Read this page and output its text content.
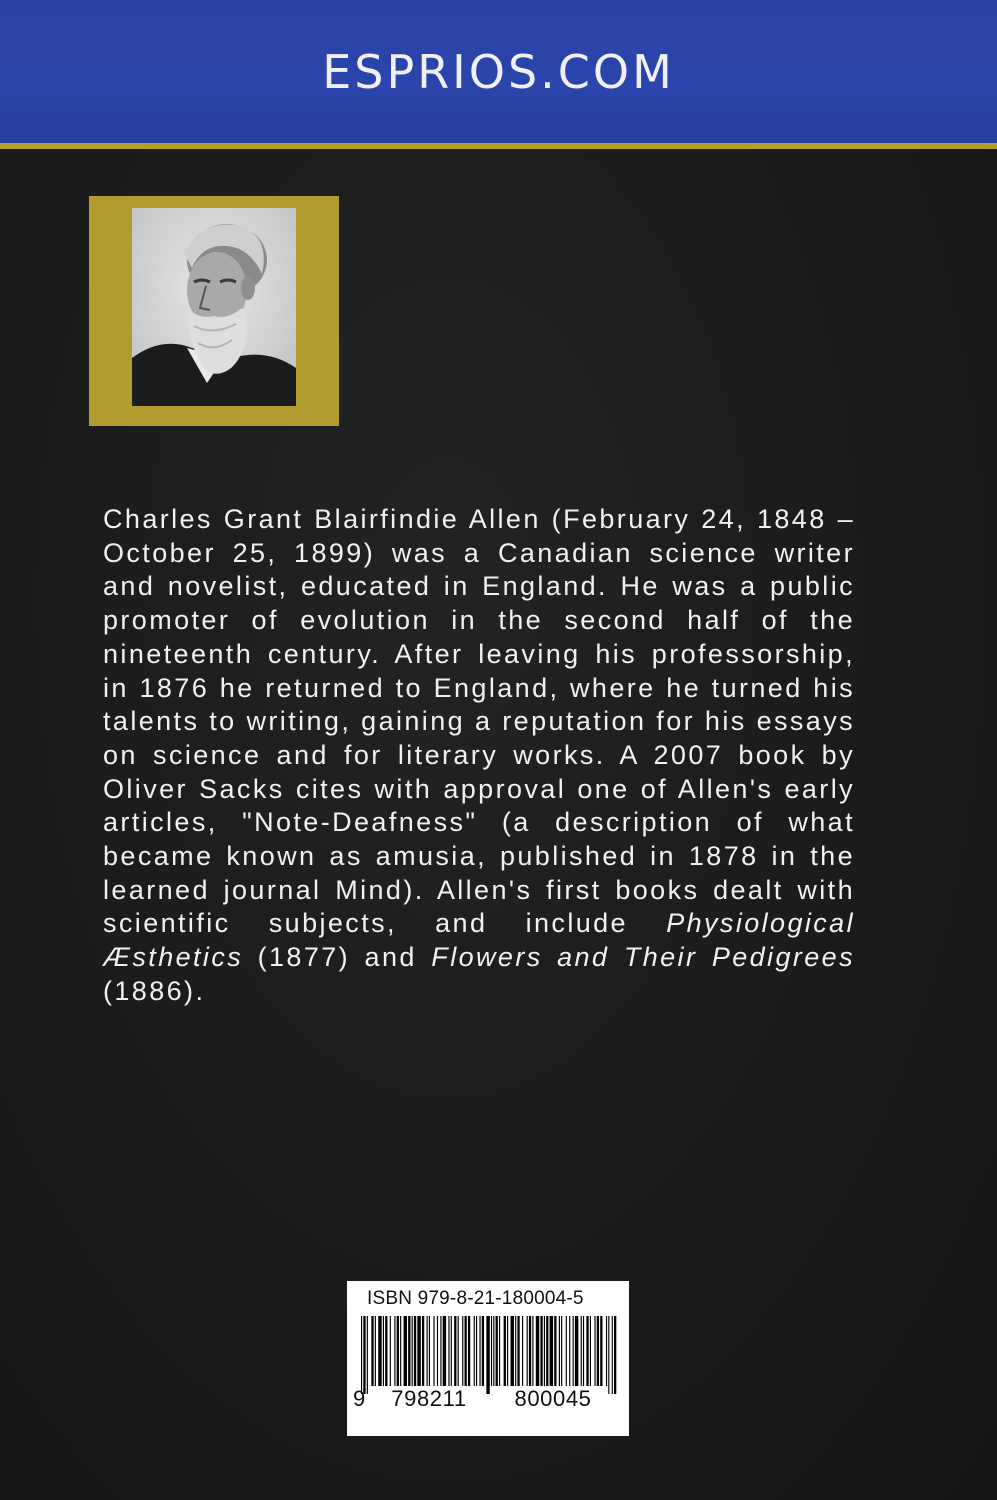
ESPRIOS.COM

Charles Grant Blairfindie Allen (February 24, 1848 – October 25, 1899) was a Canadian science writer and novelist, educated in England. He was a public promoter of evolution in the second half of the nineteenth century. After leaving his professorship, in 1876 he returned to England, where he turned his talents to writing, gaining a reputation for his essays on science and for literary works. A 2007 book by Oliver Sacks cites with approval one of Allen's early articles, "Note-Deafness" (a description of what became known as amusia, published in 1878 in the learned journal Mind). Allen's first books dealt with scientific subjects, and include Physiological Æsthetics (1877) and Flowers and Their Pedigrees (1886).

ISBN 979-8-21-180004-5
9 798211 800045
